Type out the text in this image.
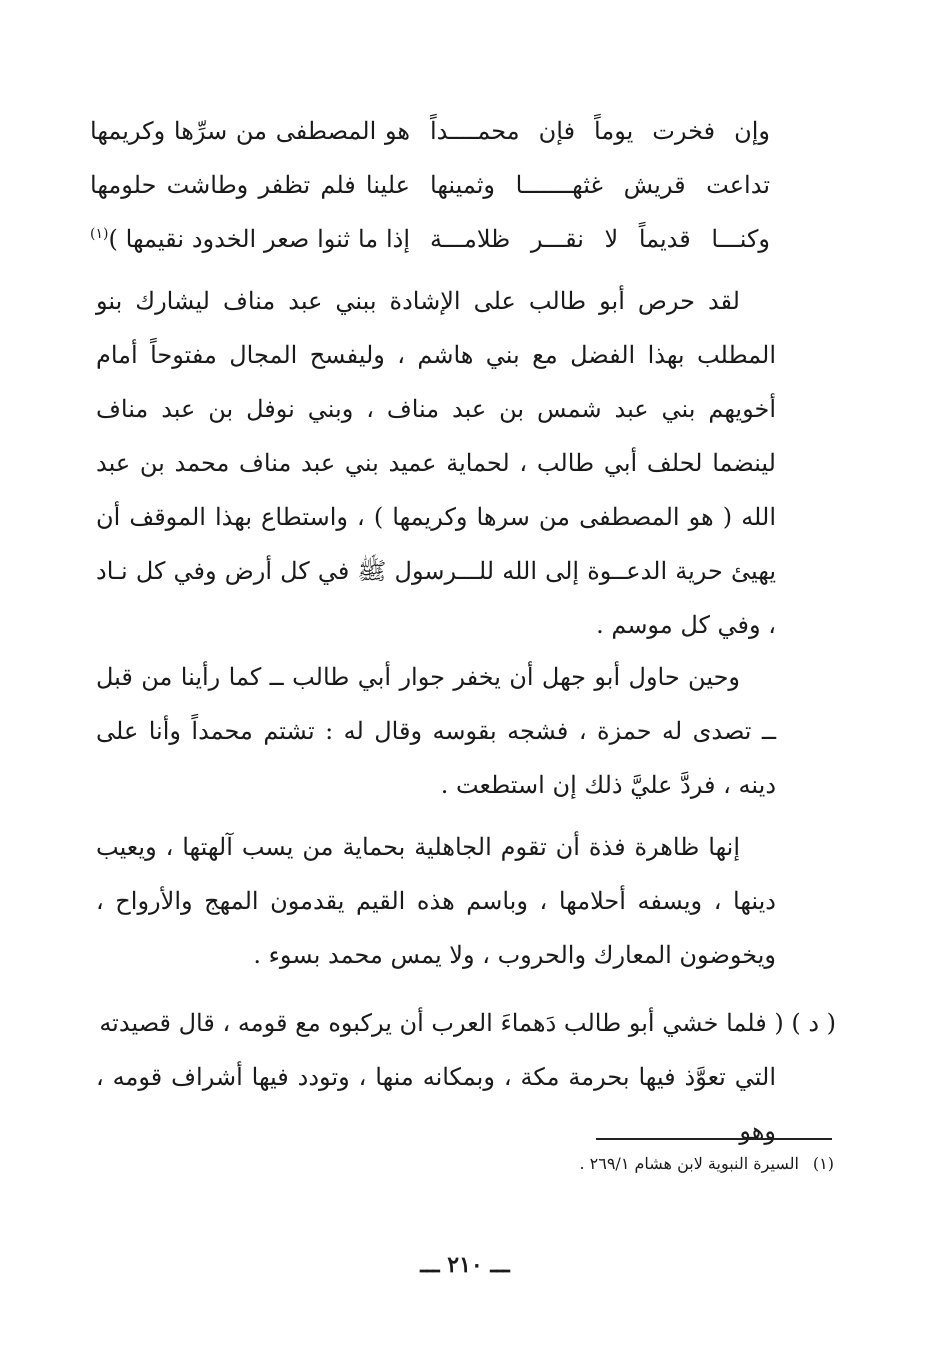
وإن فخرت يوماً فإن محمــــداً
هو المصطفى من سرِّها وكريمها
تداعت قريش غثهـــــــا وثمينها
علينا فلم تظفر وطاشت حلومها
وكنـــا قديماً لا نقـــر ظلامـــة
إذا ما ثنوا صعر الخدود نقيمها )$^{(١)}$
لقد حرص أبو طالب على الإشادة ببني عبد مناف ليشارك بنو المطلب بهذا الفضل مع بني هاشم ، وليفسح المجال مفتوحاً أمام أخويهم بني عبد شمس بن عبد مناف ، وبني نوفل بن عبد مناف لينضما لحلف أبي طالب ، لحماية عميد بني عبد مناف محمد بن عبد الله ( هو المصطفى من سرها وكريمها ) ، واستطاع بهذا الموقف أن يهيئ حرية الدعــوة إلى الله للـــرسول ﷺ في كل أرض وفي كل نـاد ، وفي كل موسم .
وحين حاول أبو جهل أن يخفر جوار أبي طالب ــ كما رأينا من قبل ــ تصدى له حمزة ، فشجه بقوسه وقال له : تشتم محمداً وأنا على دينه ، فردَّ عليَّ ذلك إن استطعت .
إنها ظاهرة فذة أن تقوم الجاهلية بحماية من يسب آلهتها ، ويعيب دينها ، ويسفه أحلامها ، وباسم هذه القيم يقدمون المهج والأرواح ، ويخوضون المعارك والحروب ، ولا يمس محمد بسوء .
( د ) ( فلما خشي أبو طالب دَهماءَ العرب أن يركبوه مع قومه ، قال قصيدته
التي تعوَّذ فيها بحرمة مكة ، وبمكانه منها ، وتودد فيها أشراف قومه ، وهو
(١)السيرة النبوية لابن هشام ٢٦٩/١ .
ـــ ٢١٠ ـــ
